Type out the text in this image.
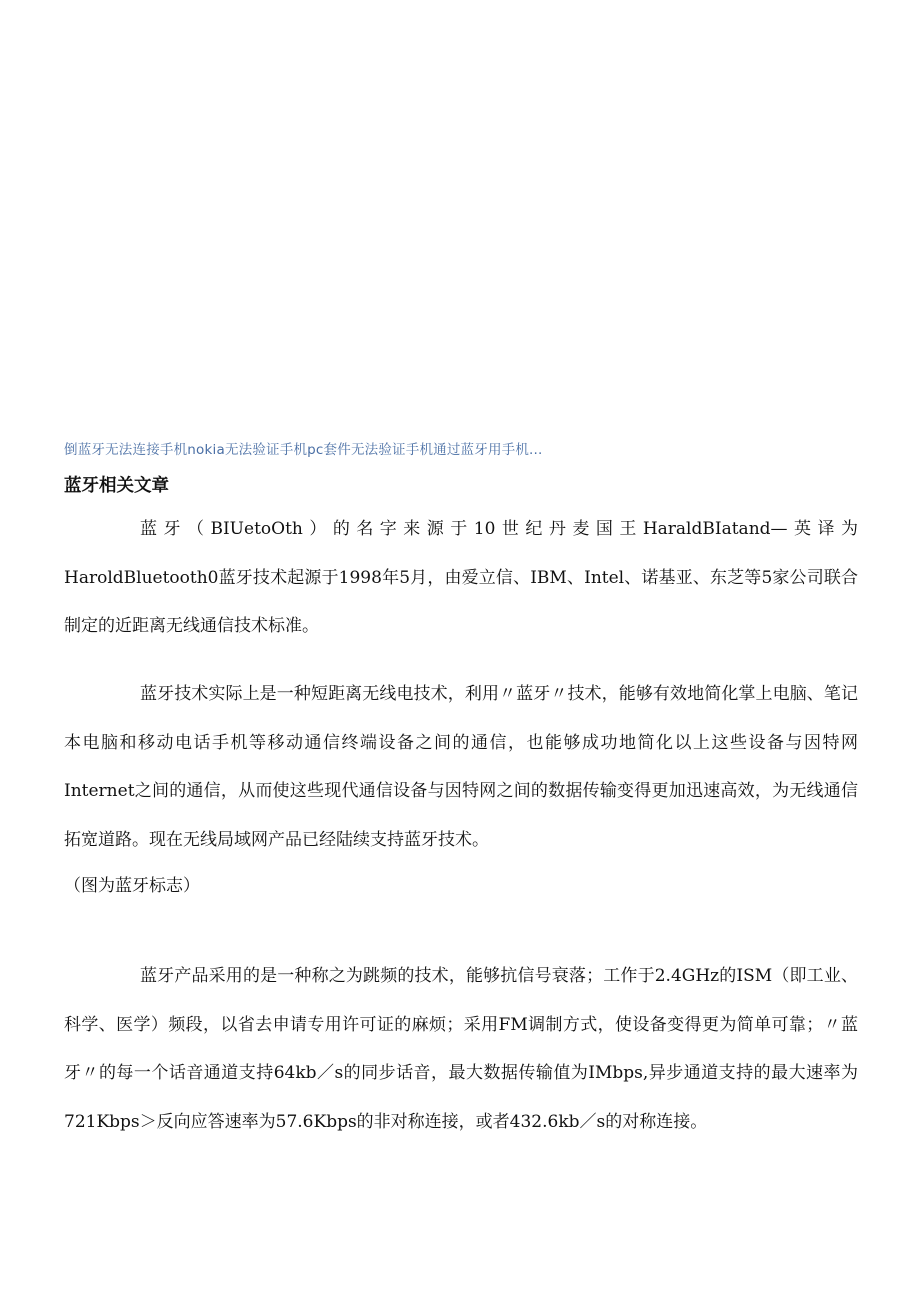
倒蓝牙无法连接手机nokia无法验证手机pc套件无法验证手机通过蓝牙用手机...
蓝牙相关文章

蓝牙（BIUetoOth）的名字来源于10世纪丹麦国王HaraldBIatand—英译为HaroldBluetooth0蓝牙技术起源于1998年5月，由爱立信、IBM、Intel、诺基亚、东芝等5家公司联合制定的近距离无线通信技术标准。

蓝牙技术实际上是一种短距离无线电技术，利用〃蓝牙〃技术，能够有效地简化掌上电脑、笔记本电脑和移动电话手机等移动通信终端设备之间的通信，也能够成功地简化以上这些设备与因特网Internet之间的通信，从而使这些现代通信设备与因特网之间的数据传输变得更加迅速高效，为无线通信拓宽道路。现在无线局域网产品已经陆续支持蓝牙技术。

（图为蓝牙标志）

蓝牙产品采用的是一种称之为跳频的技术，能够抗信号衰落；工作于2.4GHz的ISM（即工业、科学、医学）频段，以省去申请专用许可证的麻烦；采用FM调制方式，使设备变得更为简单可靠；〃蓝牙〃的每一个话音通道支持64kb／s的同步话音，最大数据传输值为IMbps,异步通道支持的最大速率为721Kbps＞反向应答速率为57.6Kbps的非对称连接，或者432.6kb／s的对称连接。
